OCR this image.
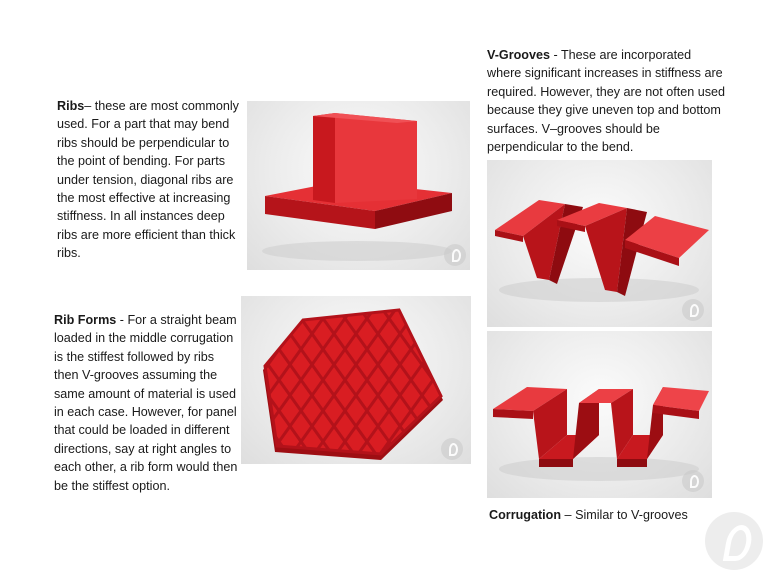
Ribs– these are most commonly used. For a part that may bend ribs should be perpendicular to the point of bending. For parts under tension, diagonal ribs are the most effective at increasing stiffness. In all instances deep ribs are more efficient than thick ribs.
Rib Forms - For a straight beam loaded in the middle corrugation is the stiffest followed by ribs then V-grooves assuming the same amount of material is used in each case. However, for panel that could be loaded in different directions, say at right angles to each other, a rib form would then be the stiffest option.
V-Grooves - These are incorporated where significant increases in stiffness are required. However, they are not often used because they give uneven top and bottom surfaces. V–grooves should be perpendicular to the bend.
Corrugation – Similar to V-grooves
